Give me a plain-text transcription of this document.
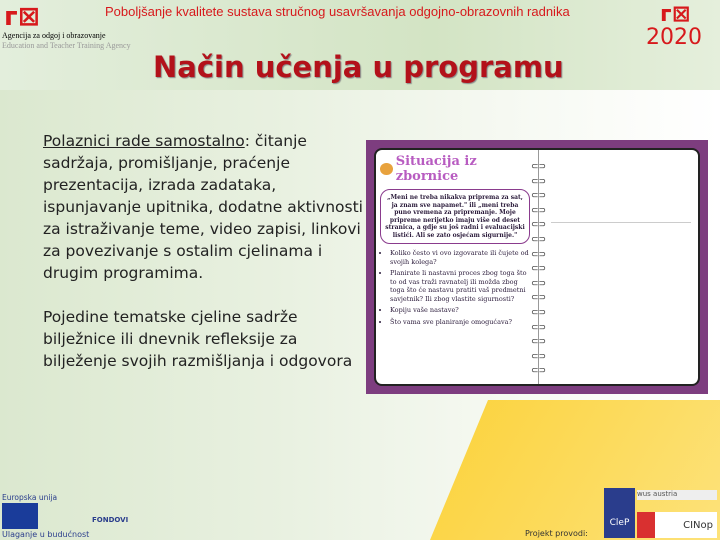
ᴦ⊠
Agencija za odgoj i obrazovanje
Education and Teacher Training Agency
Poboljšanje kvalitete sustava stručnog usavršavanja odgojno-obrazovnih radnika	ᴦ⊠
2020
Način učenja u programu

Polaznici rade samostalno: čitanje sadržaja, promišljanje, praćenje prezentacija, izrada zadataka, ispunjavanje upitnika, dodatne aktivnosti za istraživanje teme, video zapisi, linkovi za povezivanje s ostalim cjelinama i drugim programima.

Pojedine tematske cjeline sadrže bilježnice ili dnevnik refleksije za bilježenje svojih razmišljanja i odgovora

Situacija iz zbornice
„Meni ne treba nikakva priprema za sat, ja znam sve napamet." ili „meni treba puno vremena za pripremanje. Moje pripreme nerijetko imaju više od deset stranica, a gdje su još radni i evaluacijski listići. Ali se zato osjećam sigurnije."
• Koliko često vi ovo izgovarate ili čujete od svojih kolega?
• Planirate li nastavni proces zbog toga što to od vas traži ravnatelj ili možda zbog toga što će nastavu pratiti vaš predmetni savjetnik? Ili zbog vlastite sigurnosti?
• Kopiju vaše nastave?
• Što vama sve planiranje omogućava?
⊂⊃
⊂⊃
⊂⊃
⊂⊃
⊂⊃
⊂⊃
⊂⊃
⊂⊃
⊂⊃
⊂⊃
⊂⊃
⊂⊃
⊂⊃
⊂⊃
⊂⊃
Europska unija
FONDOVI
Ulaganje u budućnost	Projekt provodi:
CleP
wus austria
CINop
